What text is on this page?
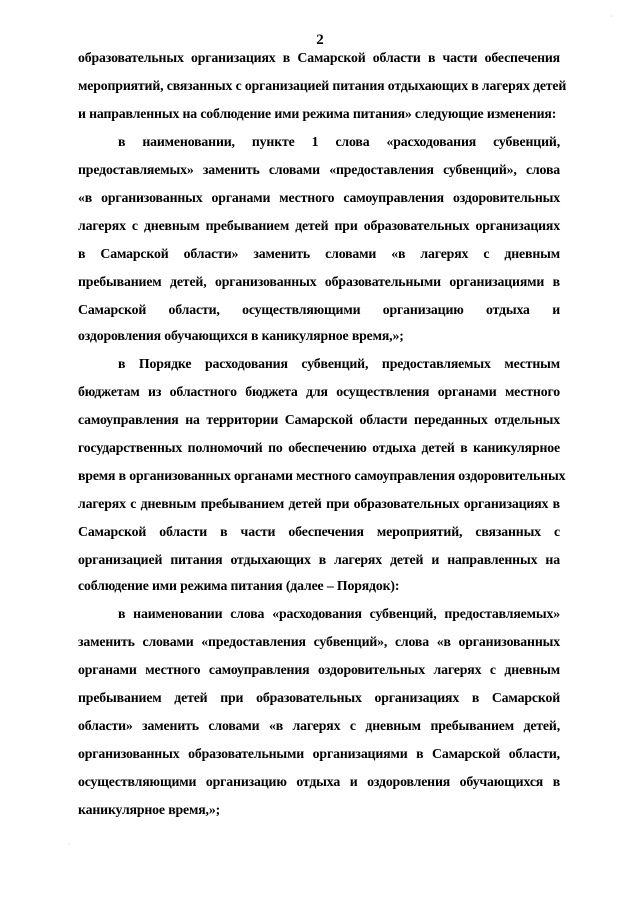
2
образовательных организациях в Самарской области в части обеспечения
мероприятий, связанных с организацией питания отдыхающих в лагерях детей
и направленных на соблюдение ими режима питания» следующие изменения:
в наименовании, пункте 1 слова «расходования субвенций,
предоставляемых» заменить словами «предоставления субвенций», слова
«в организованных органами местного самоуправления оздоровительных
лагерях с дневным пребыванием детей при образовательных организациях
в Самарской области» заменить словами «в лагерях с дневным
пребыванием детей, организованных образовательными организациями в
Самарской области, осуществляющими организацию отдыха и
оздоровления обучающихся в каникулярное время,»;
в Порядке расходования субвенций, предоставляемых местным
бюджетам из областного бюджета для осуществления органами местного
самоуправления на территории Самарской области переданных отдельных
государственных полномочий по обеспечению отдыха детей в каникулярное
время в организованных органами местного самоуправления оздоровительных
лагерях с дневным пребыванием детей при образовательных организациях в
Самарской области в части обеспечения мероприятий, связанных с
организацией питания отдыхающих в лагерях детей и направленных на
соблюдение ими режима питания (далее – Порядок):
в наименовании слова «расходования субвенций, предоставляемых»
заменить словами «предоставления субвенций», слова «в организованных
органами местного самоуправления оздоровительных лагерях с дневным
пребыванием детей при образовательных организациях в Самарской
области» заменить словами «в лагерях с дневным пребыванием детей,
организованных образовательными организациями в Самарской области,
осуществляющими организацию отдыха и оздоровления обучающихся в
каникулярное время,»;
·
·
